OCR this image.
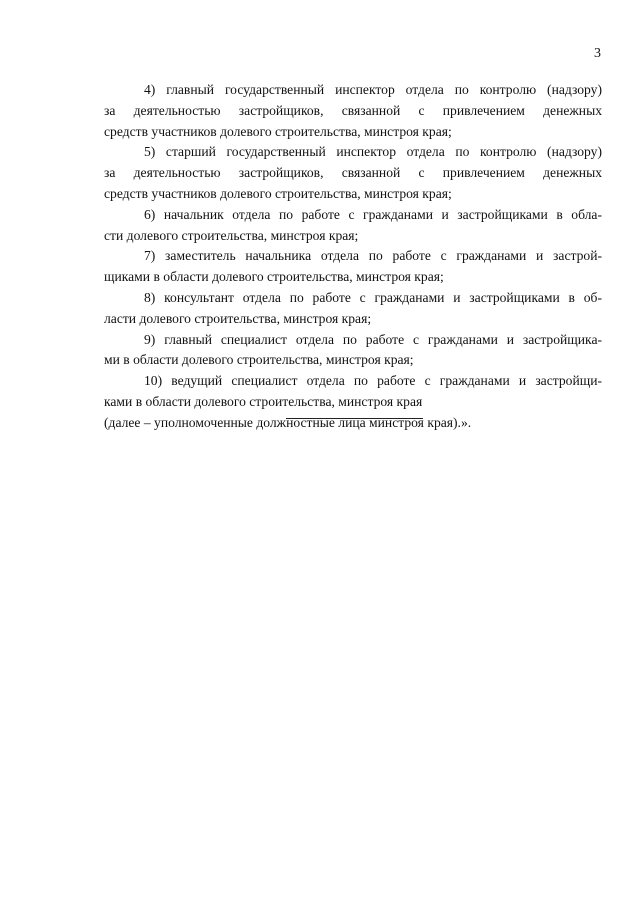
3
4) главный государственный инспектор отдела по контролю (надзору)
за деятельностью застройщиков, связанной с привлечением денежных
средств участников долевого строительства, минстроя края;
5) старший государственный инспектор отдела по контролю (надзору)
за деятельностью застройщиков, связанной с привлечением денежных
средств участников долевого строительства, минстроя края;
6) начальник отдела по работе с гражданами и застройщиками в обла-
сти долевого строительства, минстроя края;
7) заместитель начальника отдела по работе с гражданами и застрой-
щиками в области долевого строительства, минстроя края;
8) консультант отдела по работе с гражданами и застройщиками в об-
ласти долевого строительства, минстроя края;
9) главный специалист отдела по работе с гражданами и застройщика-
ми в области долевого строительства, минстроя края;
10) ведущий специалист отдела по работе с гражданами и застройщи-
ками в области долевого строительства, минстроя края
(далее – уполномоченные должностные лица минстроя края).».
